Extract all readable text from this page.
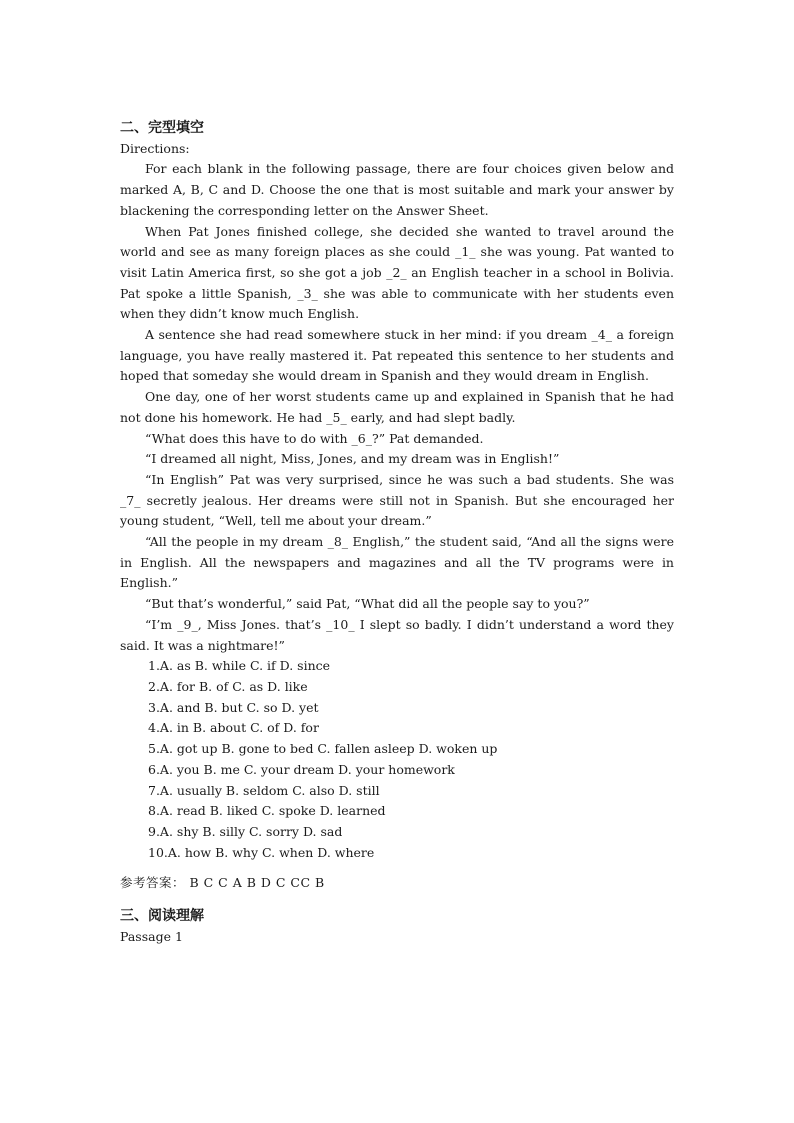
二、完型填空

Directions:

For each blank in the following passage, there are four choices given below and marked A, B, C and D. Choose the one that is most suitable and mark your answer by blackening the corresponding letter on the Answer Sheet.

When Pat Jones finished college, she decided she wanted to travel around the world and see as many foreign places as she could _1_ she was young. Pat wanted to visit Latin America first, so she got a job _2_ an English teacher in a school in Bolivia. Pat spoke a little Spanish, _3_ she was able to communicate with her students even when they didn’t know much English.

A sentence she had read somewhere stuck in her mind: if you dream _4_ a foreign language, you have really mastered it. Pat repeated this sentence to her students and hoped that someday she would dream in Spanish and they would dream in English.

One day, one of her worst students came up and explained in Spanish that he had not done his homework. He had _5_ early, and had slept badly.

“What does this have to do with _6_?” Pat demanded.

“I dreamed all night, Miss, Jones, and my dream was in English!”

“In English” Pat was very surprised, since he was such a bad students. She was _7_ secretly jealous. Her dreams were still not in Spanish. But she encouraged her young student, “Well, tell me about your dream.”

“All the people in my dream _8_ English,” the student said, “And all the signs were in English. All the newspapers and magazines and all the TV programs were in English.”

“But that’s wonderful,” said Pat, “What did all the people say to you?”

“I’m _9_, Miss Jones. that’s _10_ I slept so badly. I didn’t understand a word they said. It was a nightmare!”

1.A. as B. while C. if D. since

2.A. for B. of C. as D. like

3.A. and B. but C. so D. yet

4.A. in B. about C. of D. for

5.A. got up B. gone to bed C. fallen asleep D. woken up

6.A. you B. me C. your dream D. your homework

7.A. usually B. seldom C. also D. still

8.A. read B. liked C. spoke D. learned

9.A. shy B. silly C. sorry D. sad

10.A. how B. why C. when D. where

参考答案： B C C A B D C CC B

三、阅读理解

Passage 1
